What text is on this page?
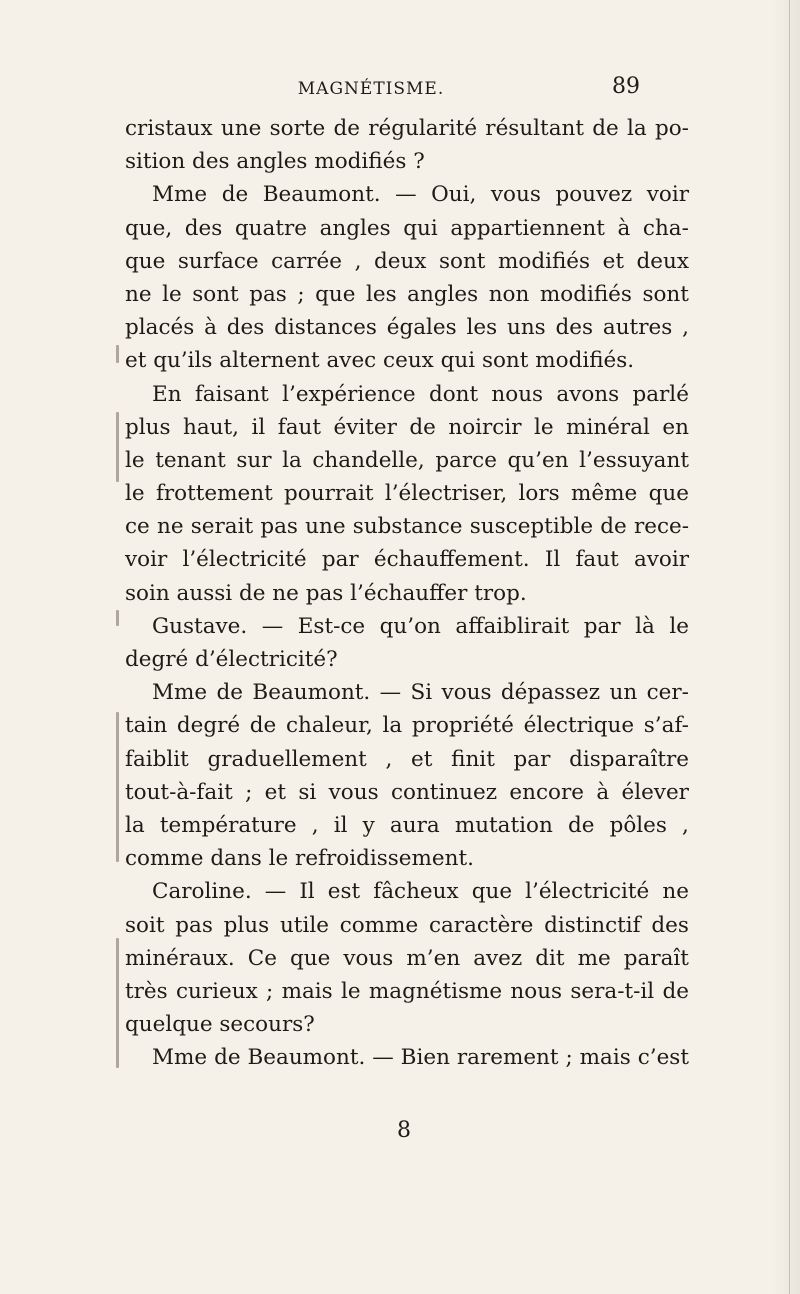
MAGNÉTISME.	89
cristaux une sorte de régularité résultant de la po-
sition des angles modifiés ?
Mme de Beaumont. — Oui, vous pouvez voir
que, des quatre angles qui appartiennent à cha-
que surface carrée , deux sont modifiés et deux
ne le sont pas ; que les angles non modifiés sont
placés à des distances égales les uns des autres ,
et qu’ils alternent avec ceux qui sont modifiés.
En faisant l’expérience dont nous avons parlé
plus haut, il faut éviter de noircir le minéral en
le tenant sur la chandelle, parce qu’en l’essuyant
le frottement pourrait l’électriser, lors même que
ce ne serait pas une substance susceptible de rece-
voir l’électricité par échauffement. Il faut avoir
soin aussi de ne pas l’échauffer trop.
Gustave. — Est-ce qu’on affaiblirait par là le
degré d’électricité?
Mme de Beaumont. — Si vous dépassez un cer-
tain degré de chaleur, la propriété électrique s’af-
faiblit graduellement , et finit par disparaître
tout-à-fait ; et si vous continuez encore à élever
la température , il y aura mutation de pôles ,
comme dans le refroidissement.
Caroline. — Il est fâcheux que l’électricité ne
soit pas plus utile comme caractère distinctif des
minéraux. Ce que vous m’en avez dit me paraît
très curieux ; mais le magnétisme nous sera-t-il de
quelque secours?
Mme de Beaumont. — Bien rarement ; mais c’est
8
